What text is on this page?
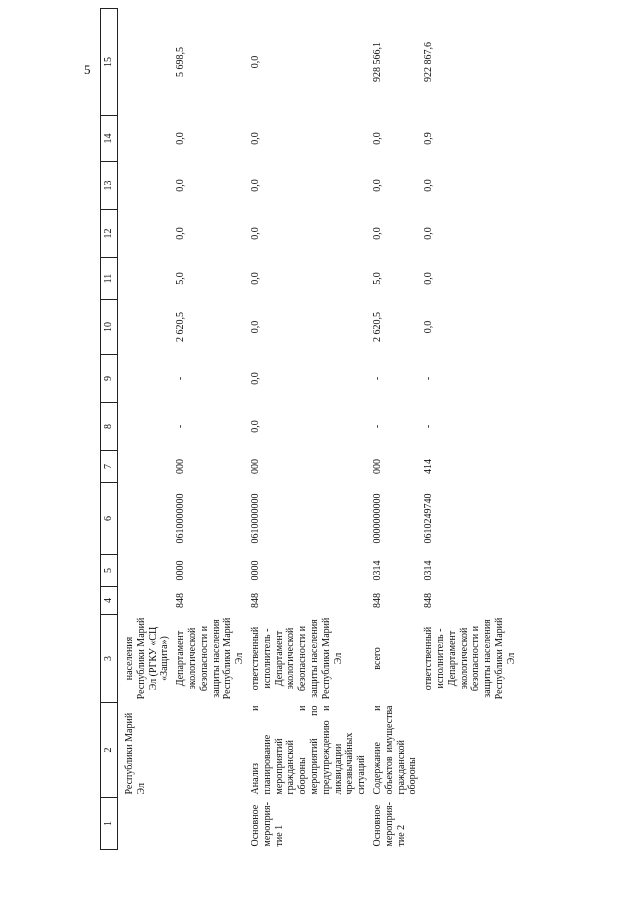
5
1	2	3	4	5	6	7	8	9	10	11	12	13	14	15

	Республики Марий Эл	населения Республики Марий Эл (РГКУ «СЦ «Защита»)												
		Департамент экологической безопасности и защиты населения Республики Марий Эл	848	0000	0610000000	000	-	-	2 620,5	5,0	0,0	0,0	0,0	5 698,5
Основное мероприя-тие 1	Анализ и планирование мероприятий гражданской обороны и мероприятий по предупреждению и ликвидации чрезвычайных ситуаций	ответственный исполнитель - Департамент экологической безопасности и защиты населения Республики Марий Эл	848	0000	0610000000	000	0,0	0,0	0,0	0,0	0,0	0,0	0,0	0,0
Основное мероприя-тие 2	Содержание и объектов имущества гражданской обороны	всего	848	0314	0000000000	000	-	-	2 620,5	5,0	0,0	0,0	0,0	928 566,1
		ответственный исполнитель - Департамент экологической безопасности и защиты населения Республики Марий Эл	848	0314	0610249740	414	-	-	0,0	0,0	0,0	0,0	0,9	922 867,6
